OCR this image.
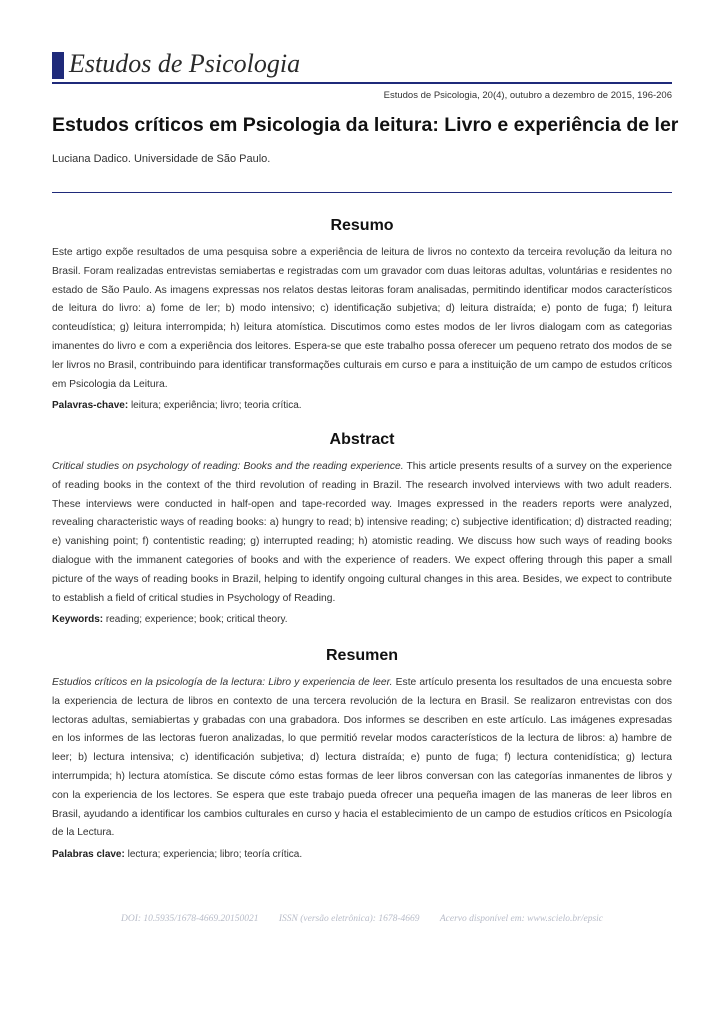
Estudos de Psicologia
Estudos de Psicologia, 20(4), outubro a dezembro de 2015, 196-206
Estudos críticos em Psicologia da leitura: Livro e experiência de ler
Luciana Dadico. Universidade de São Paulo.
Resumo

Este artigo expõe resultados de uma pesquisa sobre a experiência de leitura de livros no contexto da terceira revolução da leitura no Brasil. Foram realizadas entrevistas semiabertas e registradas com um gravador com duas leitoras adultas, voluntárias e residentes no estado de São Paulo. As imagens expressas nos relatos destas leitoras foram analisadas, permitindo identificar modos característicos de leitura do livro: a) fome de ler; b) modo intensivo; c) identificação subjetiva; d) leitura distraída; e) ponto de fuga; f) leitura conteudística; g) leitura interrompida; h) leitura atomística. Discutimos como estes modos de ler livros dialogam com as categorias imanentes do livro e com a experiência dos leitores. Espera-se que este trabalho possa oferecer um pequeno retrato dos modos de se ler livros no Brasil, contribuindo para identificar transformações culturais em curso e para a instituição de um campo de estudos críticos em Psicologia da Leitura.

Palavras-chave: leitura; experiência; livro; teoria crítica.

Abstract

Critical studies on psychology of reading: Books and the reading experience. This article presents results of a survey on the experience of reading books in the context of the third revolution of reading in Brazil. The research involved interviews with two adult readers. These interviews were conducted in half-open and tape-recorded way. Images expressed in the readers reports were analyzed, revealing characteristic ways of reading books: a) hungry to read; b) intensive reading; c) subjective identification; d) distracted reading; e) vanishing point; f) contentistic reading; g) interrupted reading; h) atomistic reading. We discuss how such ways of reading books dialogue with the immanent categories of books and with the experience of readers. We expect offering through this paper a small picture of the ways of reading books in Brazil, helping to identify ongoing cultural changes in this area. Besides, we expect to contribute to establish a field of critical studies in Psychology of Reading.

Keywords: reading; experience; book; critical theory.

Resumen

Estudios críticos en la psicología de la lectura: Libro y experiencia de leer. Este artículo presenta los resultados de una encuesta sobre la experiencia de lectura de libros en contexto de una tercera revolución de la lectura en Brasil. Se realizaron entrevistas con dos lectoras adultas, semiabiertas y grabadas con una grabadora. Dos informes se describen en este artículo. Las imágenes expresadas en los informes de las lectoras fueron analizadas, lo que permitió revelar modos característicos de la lectura de libros: a) hambre de leer; b) lectura intensiva; c) identificación subjetiva; d) lectura distraída; e) punto de fuga; f) lectura contenidística; g) lectura interrumpida; h) lectura atomística. Se discute cómo estas formas de leer libros conversan con las categorías inmanentes de libros y con la experiencia de los lectores. Se espera que este trabajo pueda ofrecer una pequeña imagen de las maneras de leer libros en Brasil, ayudando a identificar los cambios culturales en curso y hacia el establecimiento de un campo de estudios críticos en Psicología de la Lectura.

Palabras clave: lectura; experiencia; libro; teoría crítica.

DOI: 10.5935/1678-4669.20150021 ISSN (versão eletrônica): 1678-4669 Acervo disponível em: www.scielo.br/epsic
